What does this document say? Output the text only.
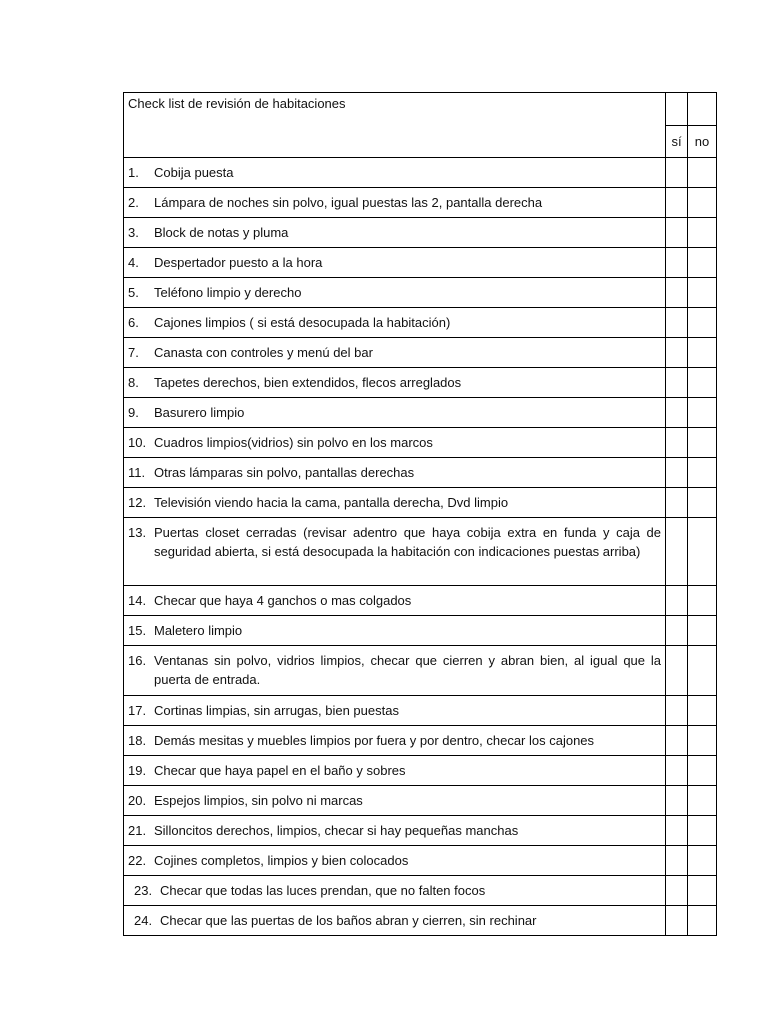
Check list de revisión de habitaciones
sí	no
1.	Cobija puesta
2.	Lámpara de noches sin polvo, igual puestas las 2, pantalla derecha
3.	Block de notas y pluma
4.	Despertador puesto a la hora
5.	Teléfono limpio y derecho
6.	Cajones limpios ( si está desocupada la habitación)
7.	Canasta con controles y menú del bar
8.	Tapetes derechos, bien extendidos, flecos arreglados
9.	Basurero limpio
10. Cuadros limpios(vidrios) sin polvo en los marcos
11. Otras lámparas sin polvo, pantallas derechas
12. Televisión viendo hacia la cama, pantalla derecha, Dvd limpio
13. Puertas closet cerradas (revisar adentro que haya cobija extra en funda y caja de seguridad abierta, si está desocupada la habitación con indicaciones puestas arriba)
14. Checar que haya 4 ganchos o mas colgados
15. Maletero limpio
16. Ventanas sin polvo, vidrios limpios, checar que cierren y abran bien, al igual que la puerta de entrada.
17. Cortinas limpias, sin arrugas, bien puestas
18. Demás mesitas y muebles limpios por fuera y por dentro, checar los cajones
19. Checar que haya papel en el baño y sobres
20. Espejos limpios, sin polvo ni marcas
21. Silloncitos derechos, limpios, checar si hay pequeñas manchas
22. Cojines completos, limpios y bien colocados
23. Checar que todas las luces prendan, que no falten focos
24. Checar que las puertas de los baños abran y cierren, sin rechinar
